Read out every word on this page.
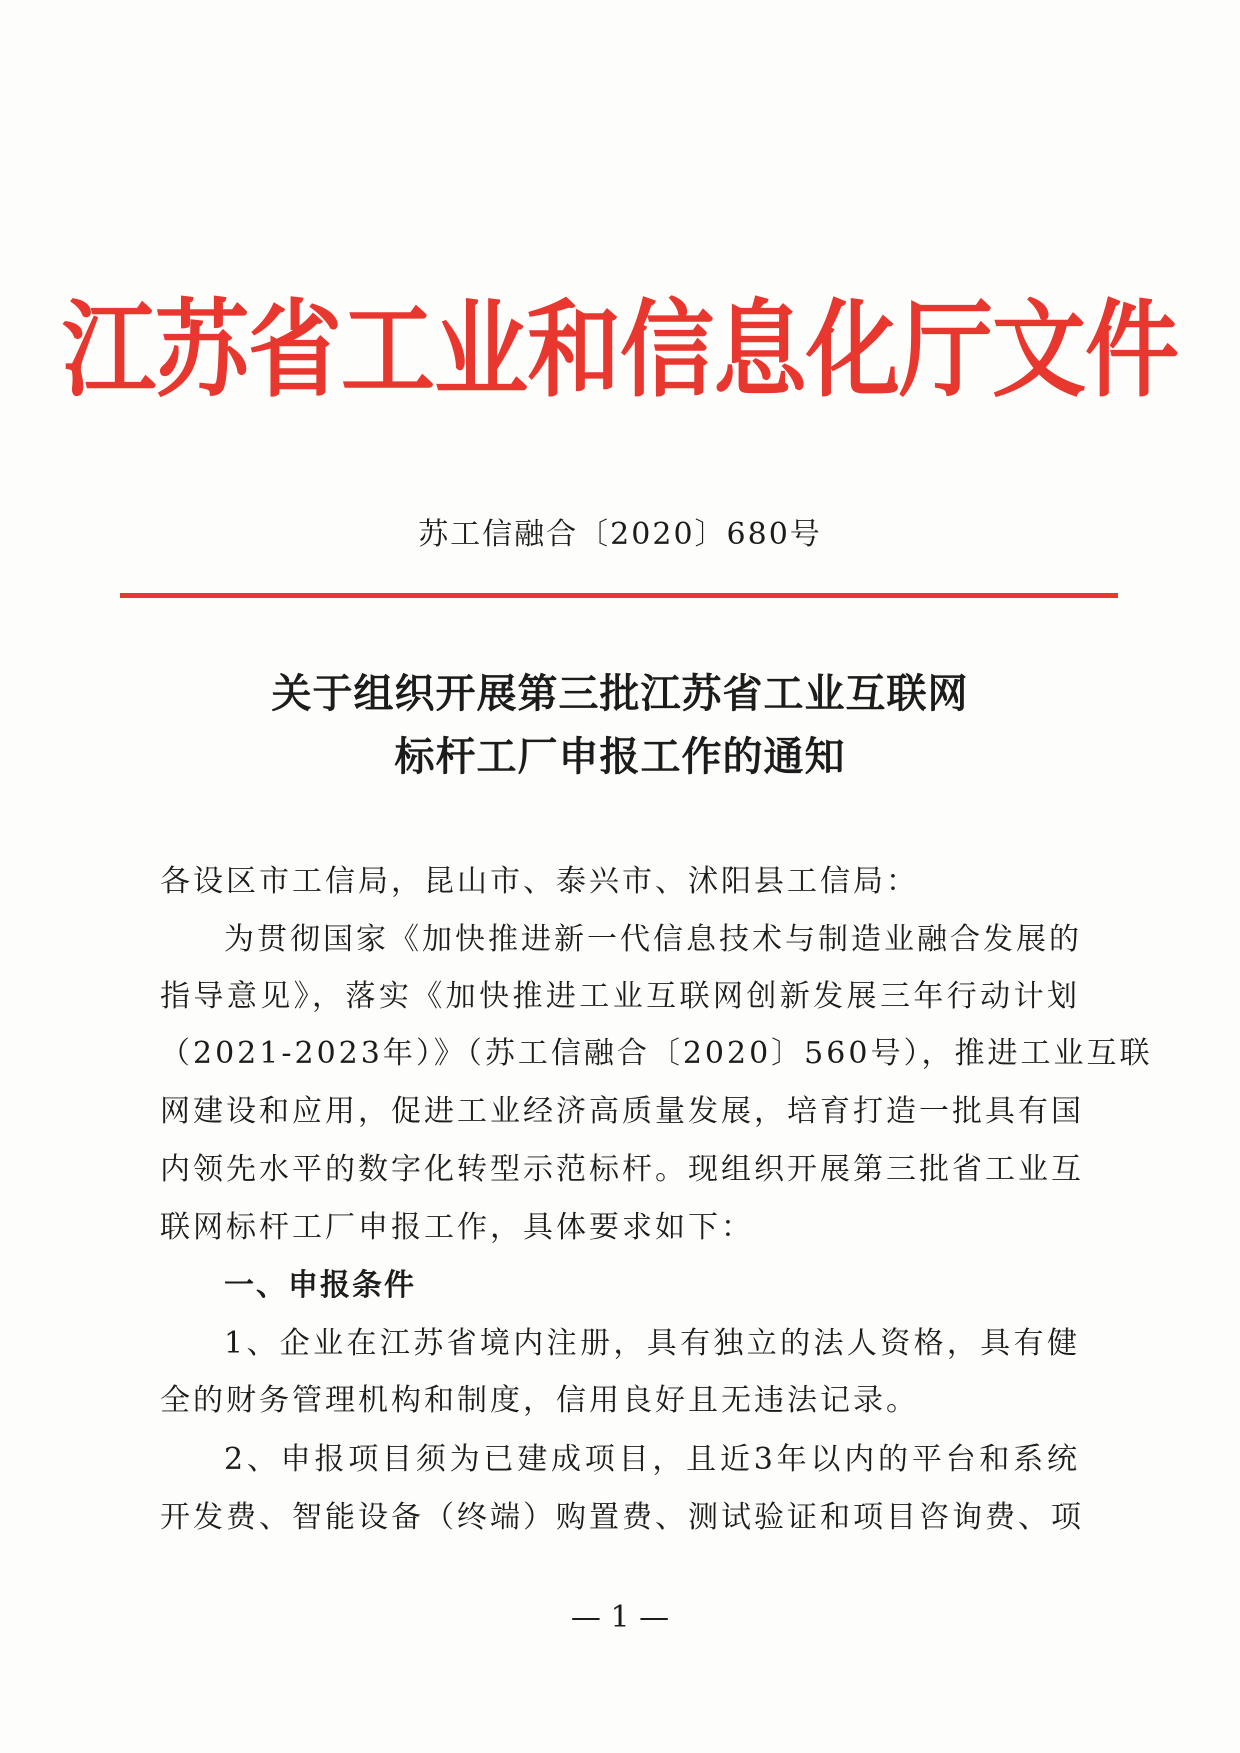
江苏省工业和信息化厅文件
苏工信融合〔2020〕680号
关于组织开展第三批江苏省工业互联网
标杆工厂申报工作的通知
各设区市工信局，昆山市、泰兴市、沭阳县工信局：
为贯彻国家《加快推进新一代信息技术与制造业融合发展的
指导意见》，落实《加快推进工业互联网创新发展三年行动计划
（2021-2023年）》（苏工信融合〔2020〕560号），推进工业互联
网建设和应用，促进工业经济高质量发展，培育打造一批具有国
内领先水平的数字化转型示范标杆。现组织开展第三批省工业互
联网标杆工厂申报工作，具体要求如下：
一、申报条件
1、企业在江苏省境内注册，具有独立的法人资格，具有健
全的财务管理机构和制度，信用良好且无违法记录。
2、申报项目须为已建成项目，且近3年以内的平台和系统
开发费、智能设备（终端）购置费、测试验证和项目咨询费、项
— 1 —
